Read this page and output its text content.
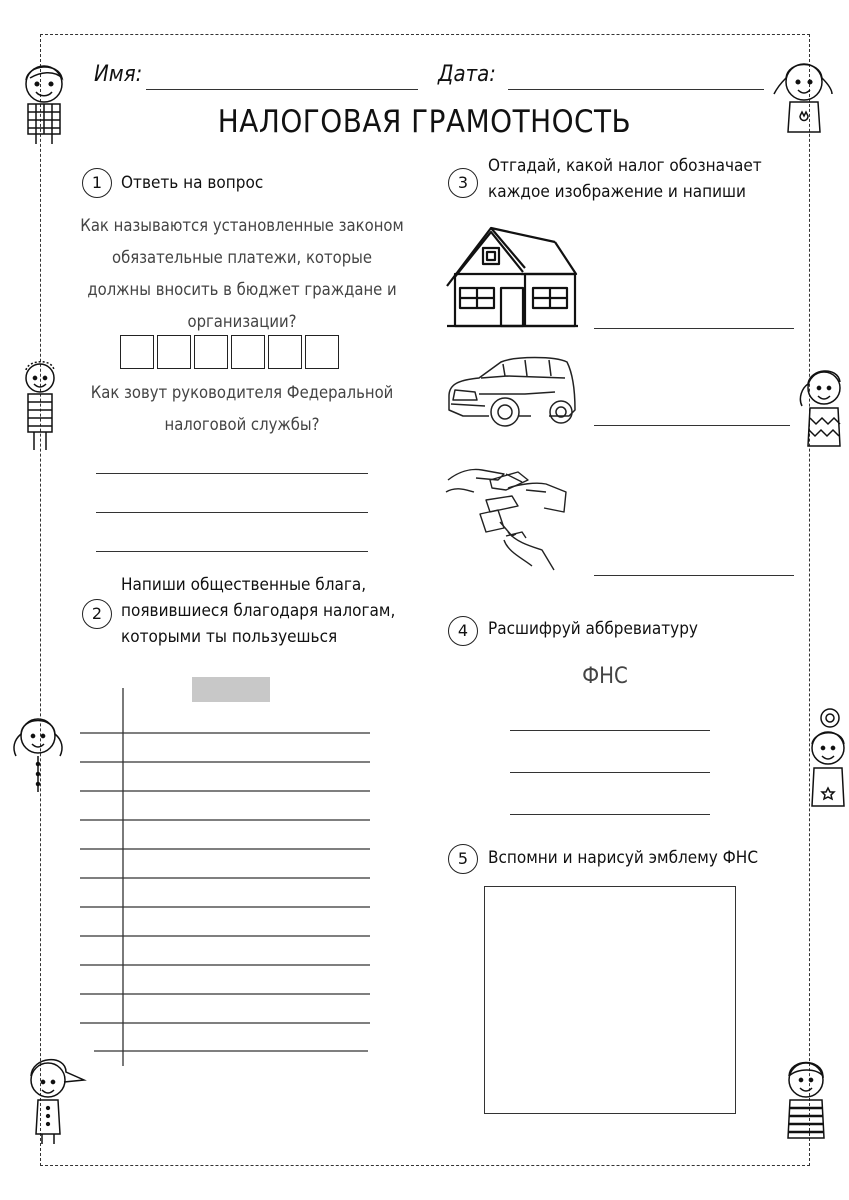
Имя:	Дата:
НАЛОГОВАЯ ГРАМОТНОСТЬ
1	Ответь на вопрос
Как называются установленные законом
обязательные платежи, которые
должны вносить в бюджет граждане и
организации?
Как зовут руководителя Федеральной
налоговой службы?
Напиши общественные блага,
появившиеся благодаря налогам,
которыми ты пользуешься
2
3
Отгадай, какой налог обозначает
каждое изображение и напиши
4	Расшифруй аббревиатуру
ФНС
5	Вспомни и нарисуй эмблему ФНС
